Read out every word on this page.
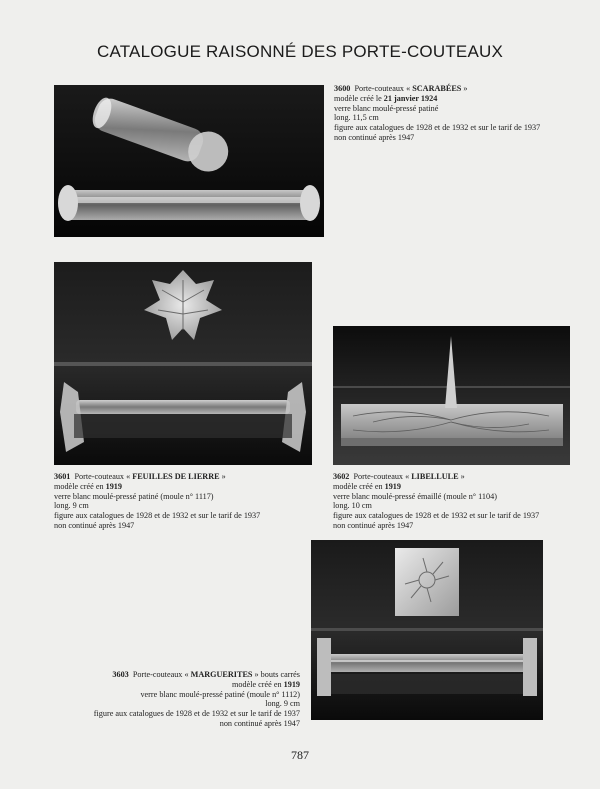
CATALOGUE RAISONNÉ DES PORTE-COUTEAUX
3600 Porte-couteaux « SCARABÉES »
modèle créé le 21 janvier 1924
verre blanc moulé-pressé patiné
long. 11,5 cm
figure aux catalogues de 1928 et de 1932 et sur le tarif de 1937
non continué après 1947
3601 Porte-couteaux « FEUILLES DE LIERRE »
modèle créé en 1919
verre blanc moulé-pressé patiné (moule n° 1117)
long. 9 cm
figure aux catalogues de 1928 et de 1932 et sur le tarif de 1937
non continué après 1947
3602 Porte-couteaux « LIBELLULE »
modèle créé en 1919
verre blanc moulé-pressé émaillé (moule n° 1104)
long. 10 cm
figure aux catalogues de 1928 et de 1932 et sur le tarif de 1937
non continué après 1947
3603 Porte-couteaux « MARGUERITES » bouts carrés
modèle créé en 1919
verre blanc moulé-pressé patiné (moule n° 1112)
long. 9 cm
figure aux catalogues de 1928 et de 1932 et sur le tarif de 1937
non continué après 1947
787
